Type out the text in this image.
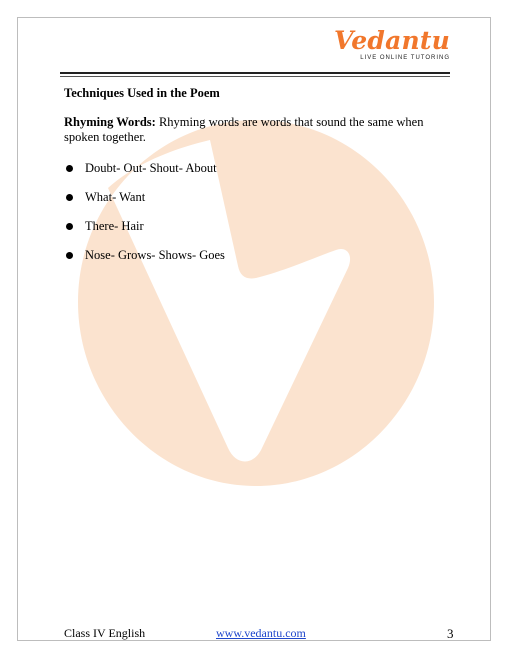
Vedantu
LIVE ONLINE TUTORING

Techniques Used in the Poem

Rhyming Words: Rhyming words are words that sound the same when spoken together.

Doubt- Out- Shout- About
What- Want
There- Hair
Nose- Grows- Shows- Goes
Class IV English	www.vedantu.com	3
